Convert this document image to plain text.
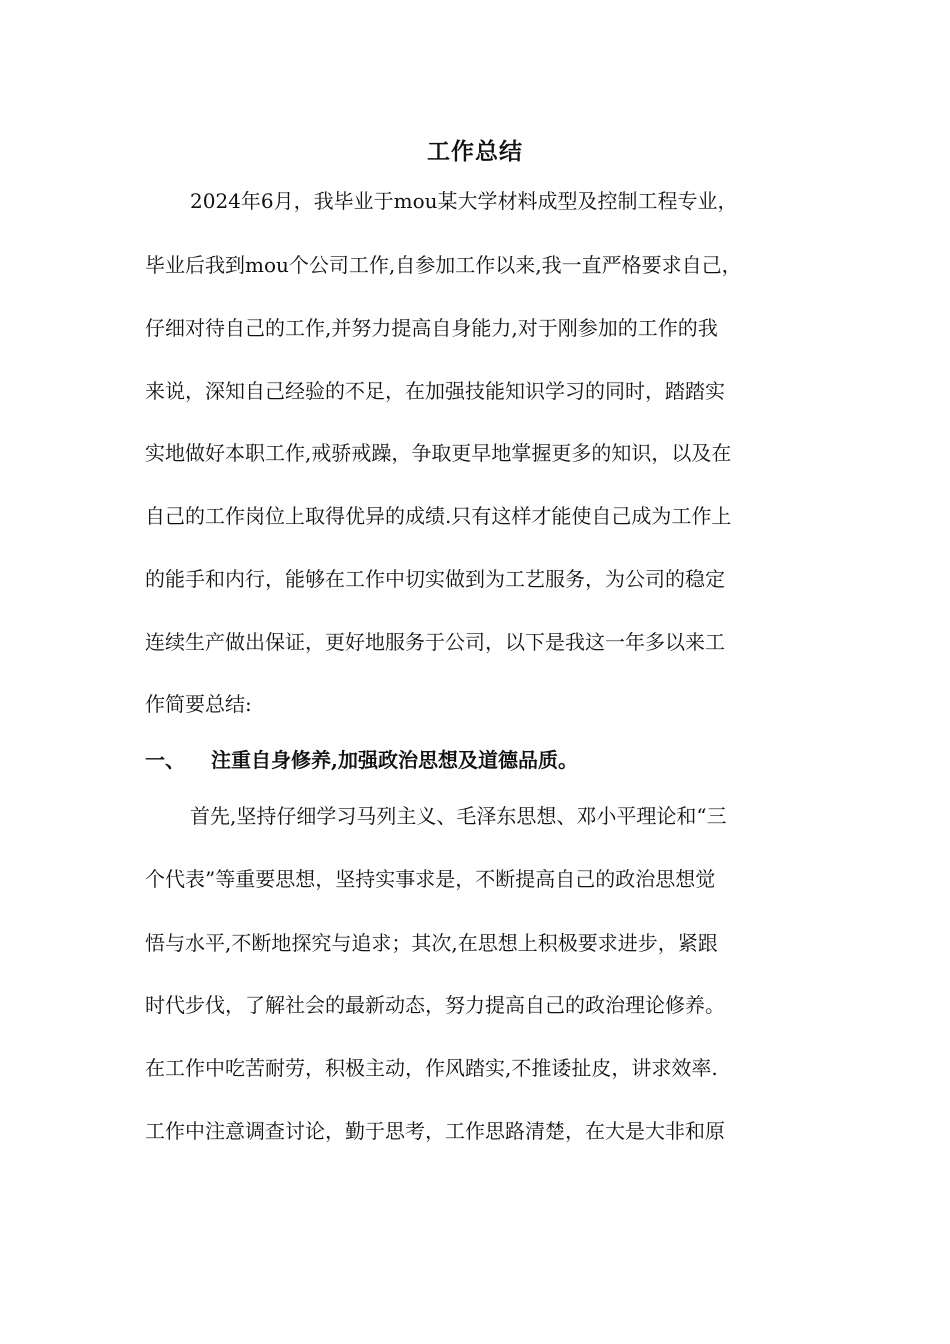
工作总结
2024年6月，我毕业于mou某大学材料成型及控制工程专业，
毕业后我到mou个公司工作,自参加工作以来,我一直严格要求自己，
仔细对待自己的工作,并努力提高自身能力,对于刚参加的工作的我
来说，深知自己经验的不足，在加强技能知识学习的同时，踏踏实
实地做好本职工作,戒骄戒躁，争取更早地掌握更多的知识，以及在
自己的工作岗位上取得优异的成绩.只有这样才能使自己成为工作上
的能手和内行，能够在工作中切实做到为工艺服务，为公司的稳定
连续生产做出保证，更好地服务于公司，以下是我这一年多以来工
作简要总结:
一、 注重自身修养,加强政治思想及道德品质。
首先,坚持仔细学习马列主义、毛泽东思想、邓小平理论和“三
个代表”等重要思想，坚持实事求是，不断提高自己的政治思想觉
悟与水平,不断地探究与追求；其次,在思想上积极要求进步，紧跟
时代步伐，了解社会的最新动态，努力提高自己的政治理论修养。
在工作中吃苦耐劳，积极主动，作风踏实,不推诿扯皮，讲求效率.
工作中注意调查讨论，勤于思考，工作思路清楚，在大是大非和原
